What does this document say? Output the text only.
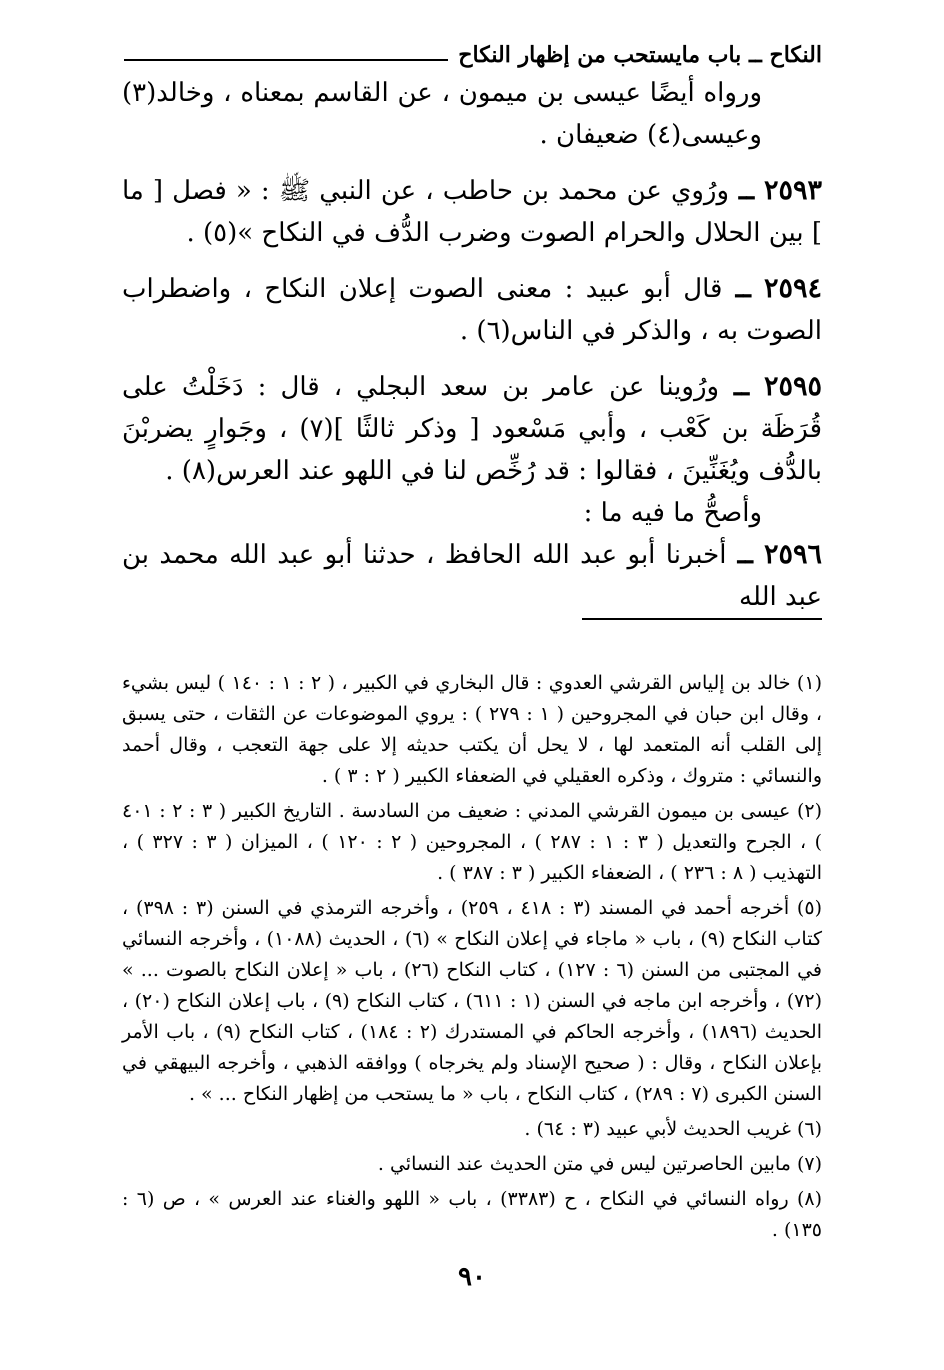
النكاح ــ باب مايستحب من إظهار النكاح

ورواه أيضًا عيسى بن ميمون ، عن القاسم بمعناه ، وخالد(٣) وعيسى(٤) ضعيفان .

٢٥٩٣ ــ ورُوي عن محمد بن حاطب ، عن النبي ﷺ : « فصل [ ما ] بين الحلال والحرام الصوت وضرب الدُّف في النكاح »(٥) .

٢٥٩٤ ــ قال أبو عبيد : معنى الصوت إعلان النكاح ، واضطراب الصوت به ، والذكر في الناس(٦) .

٢٥٩٥ ــ ورُوينا عن عامر بن سعد البجلي ، قال : دَخَلْتُ على قُرَظَة بن كَعْب ، وأبي مَسْعود [ وذكر ثالثًا ](٧) ، وجَوارٍ يضربْنَ بالدُّف ويُغَنِّينَ ، فقالوا : قد رُخِّص لنا في اللهو عند العرس(٨) .

وأصحُّ ما فيه ما :

٢٥٩٦ ــ أخبرنا أبو عبد الله الحافظ ، حدثنا أبو عبد الله محمد بن عبد الله

(١) خالد بن إلياس القرشي العدوي : قال البخاري في الكبير ، ( ٢ : ١ : ١٤٠ ) ليس بشيء ، وقال ابن حبان في المجروحين ( ١ : ٢٧٩ ) : يروي الموضوعات عن الثقات ، حتى يسبق إلى القلب أنه المتعمد لها ، لا يحل أن يكتب حديثه إلا على جهة التعجب ، وقال أحمد والنسائي : متروك ، وذكره العقيلي في الضعفاء الكبير ( ٢ : ٣ ) .

(٢) عيسى بن ميمون القرشي المدني : ضعيف من السادسة . التاريخ الكبير ( ٣ : ٢ : ٤٠١ ) ، الجرح والتعديل ( ٣ : ١ : ٢٨٧ ) ، المجروحين ( ٢ : ١٢٠ ) ، الميزان ( ٣ : ٣٢٧ ) ، التهذيب ( ٨ : ٢٣٦ ) ، الضعفاء الكبير ( ٣ : ٣٨٧ ) .

(٥) أخرجه أحمد في المسند (٣ : ٤١٨ ، ٢٥٩) ، وأخرجه الترمذي في السنن (٣ : ٣٩٨) ، كتاب النكاح (٩) ، باب « ماجاء في إعلان النكاح » (٦) ، الحديث (١٠٨٨) ، وأخرجه النسائي في المجتبى من السنن (٦ : ١٢٧) ، كتاب النكاح (٢٦) ، باب « إعلان النكاح بالصوت ... » (٧٢) ، وأخرجه ابن ماجه في السنن (١ : ٦١١) ، كتاب النكاح (٩) ، باب إعلان النكاح (٢٠) ، الحديث (١٨٩٦) ، وأخرجه الحاكم في المستدرك (٢ : ١٨٤) ، كتاب النكاح (٩) ، باب الأمر بإعلان النكاح ، وقال : ( صحيح الإسناد ولم يخرجاه ) ووافقه الذهبي ، وأخرجه البيهقي في السنن الكبرى (٧ : ٢٨٩) ، كتاب النكاح ، باب « ما يستحب من إظهار النكاح ... » .

(٦) غريب الحديث لأبي عبيد (٣ : ٦٤) .

(٧) مابين الحاصرتين ليس في متن الحديث عند النسائي .

(٨) رواه النسائي في النكاح ، ح (٣٣٨٣) ، باب « اللهو والغناء عند العرس » ، ص (٦ : ١٣٥) .

٩٠
